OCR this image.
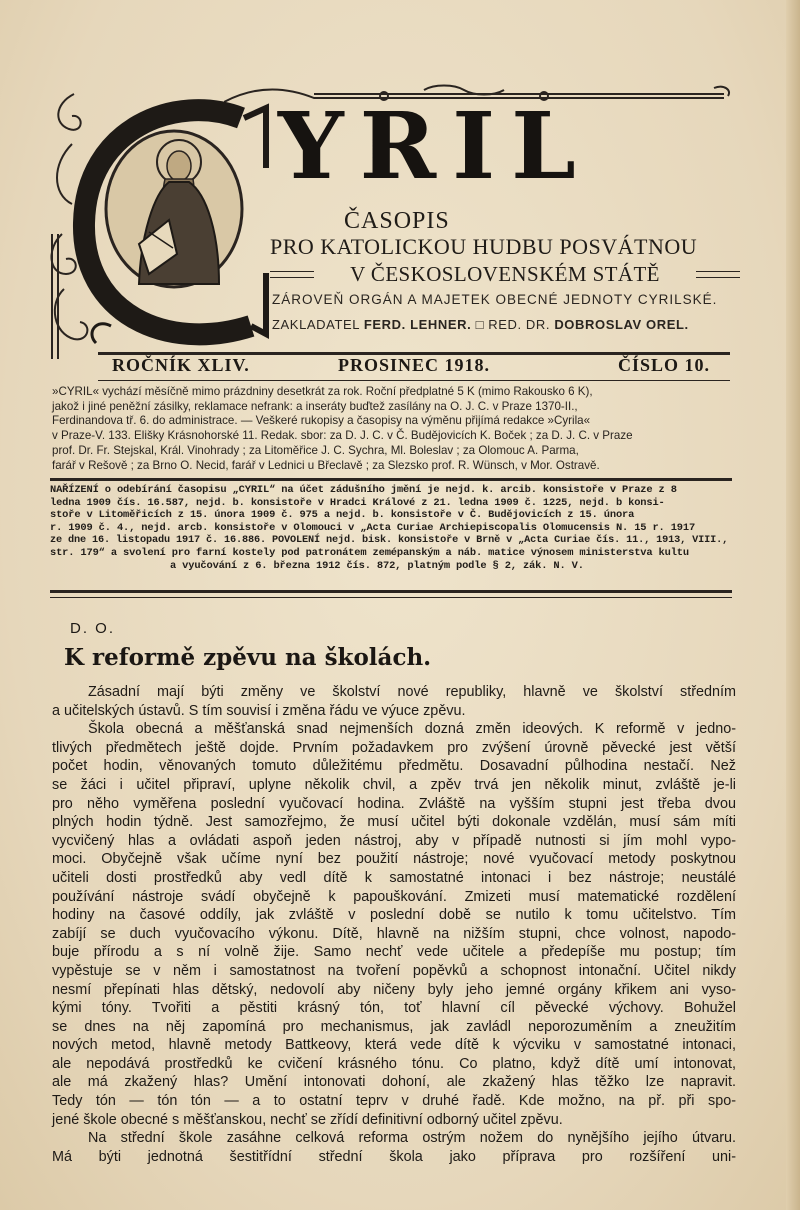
YRIL
ČASOPIS
PRO KATOLICKOU HUDBU POSVÁTNOU
V ČESKOSLOVENSKÉM STÁTĚ
ZÁROVEŇ ORGÁN A MAJETEK OBECNÉ JEDNOTY CYRILSKÉ.
ZAKLADATEL FERD. LEHNER. □ RED. DR. DOBROSLAV OREL.
ROČNÍK XLIV.	PROSINEC 1918.	ČÍSLO 10.
»CYRIL« vychází měsíčně mimo prázdniny desetkrát za rok. Roční předplatné 5 K (mimo Rakousko 6 K),
jakož i jiné peněžní zásilky, reklamace nefrank: a inseráty buďtež zasílány na O. J. C. v Praze 1370-II.,
Ferdinandova tř. 6. do administrace. — Veškeré rukopisy a časopisy na výměnu přijímá redakce »Cyrila«
v Praze-V. 133. Elišky Krásnohorské 11. Redak. sbor: za D. J. C. v Č. Budějovicích K. Boček ; za D. J. C. v Praze
prof. Dr. Fr. Stejskal, Král. Vinohrady ; za Litoměřice J. C. Sychra, Ml. Boleslav ; za Olomouc A. Parma,
farář v Rešově ; za Brno O. Necid, farář v Lednici u Břeclavě ; za Slezsko prof. R. Wünsch, v Mor. Ostravě.
NAŘÍZENÍ o odebírání časopisu „CYRIL“ na účet zádušního jmění je nejd. k. arcib. konsistoře v Praze z 8
ledna 1909 čís. 16.587, nejd. b. konsistoře v Hradci Králové z 21. ledna 1909 č. 1225, nejd. b konsi-
stoře v Litoměřicích z 15. února 1909 č. 975 a nejd. b. konsistoře v Č. Budějovicích z 15. února
r. 1909 č. 4., nejd. arcb. konsistoře v Olomouci v „Acta Curiae Archiepiscopalis Olomucensis N. 15 r. 1917
ze dne 16. listopadu 1917 č. 16.886. POVOLENÍ nejd. bisk. konsistoře v Brně v „Acta Curiae čís. 11., 1913, VIII.,
str. 179“ a svolení pro farní kostely pod patronátem zemépanským a náb. matice výnosem ministerstva kultu
a vyučování z 6. března 1912 čís. 872, platným podle § 2, zák. N. V.
D. O.
K reformě zpěvu na školách.
Zásadní mají býti změny ve školství nové republiky, hlavně ve školství středním
a učitelských ústavů. S tím souvisí i změna řádu ve výuce zpěvu.
Škola obecná a měšťanská snad nejmenších dozná změn ideových. K reformě v jedno-
tlivých předmětech ještě dojde. Prvním požadavkem pro zvýšení úrovně pěvecké jest větší
počet hodin, věnovaných tomuto důležitému předmětu. Dosavadní půlhodina nestačí. Než
se žáci i učitel připraví, uplyne několik chvil, a zpěv trvá jen několik minut, zvláště je-li
pro něho vyměřena poslední vyučovací hodina. Zvláště na vyšším stupni jest třeba dvou
plných hodin týdně. Jest samozřejmo, že musí učitel býti dokonale vzdělán, musí sám míti
vycvičený hlas a ovládati aspoň jeden nástroj, aby v případě nutnosti si jím mohl vypo-
moci. Obyčejně však učíme nyní bez použití nástroje; nové vyučovací metody poskytnou
učiteli dosti prostředků aby vedl dítě k samostatné intonaci i bez nástroje; neustálé
používání nástroje svádí obyčejně k papouškování. Zmizeti musí matematické rozdělení
hodiny na časové oddíly, jak zvláště v poslední době se nutilo k tomu učitelstvo. Tím
zabíjí se duch vyučovacího výkonu. Dítě, hlavně na nižším stupni, chce volnost, napodo-
buje přírodu a s ní volně žije. Samo nechť vede učitele a předepíše mu postup; tím
vypěstuje se v něm i samostatnost na tvoření popěvků a schopnost intonační. Učitel nikdy
nesmí přepínati hlas dětský, nedovolí aby ničeny byly jeho jemné orgány křikem ani vyso-
kými tóny. Tvořiti a pěstiti krásný tón, toť hlavní cíl pěvecké výchovy. Bohužel
se dnes na něj zapomíná pro mechanismus, jak zavládl neporozuměním a zneužitím
nových metod, hlavně metody Battkeovy, která vede dítě k výcviku v samostatné intonaci,
ale nepodává prostředků ke cvičení krásného tónu. Co platno, když dítě umí intonovat,
ale má zkažený hlas? Umění intonovati dohoní, ale zkažený hlas těžko lze napravit.
Tedy tón — tón tón — a to ostatní teprv v druhé řadě. Kde možno, na př. při spo-
jené škole obecné s měšťanskou, nechť se zřídí definitivní odborný učitel zpěvu.
Na střední škole zasáhne celková reforma ostrým nožem do nynějšího jejího útvaru.
Má býti jednotná šestitřídní střední škola jako příprava pro rozšíření uni-
